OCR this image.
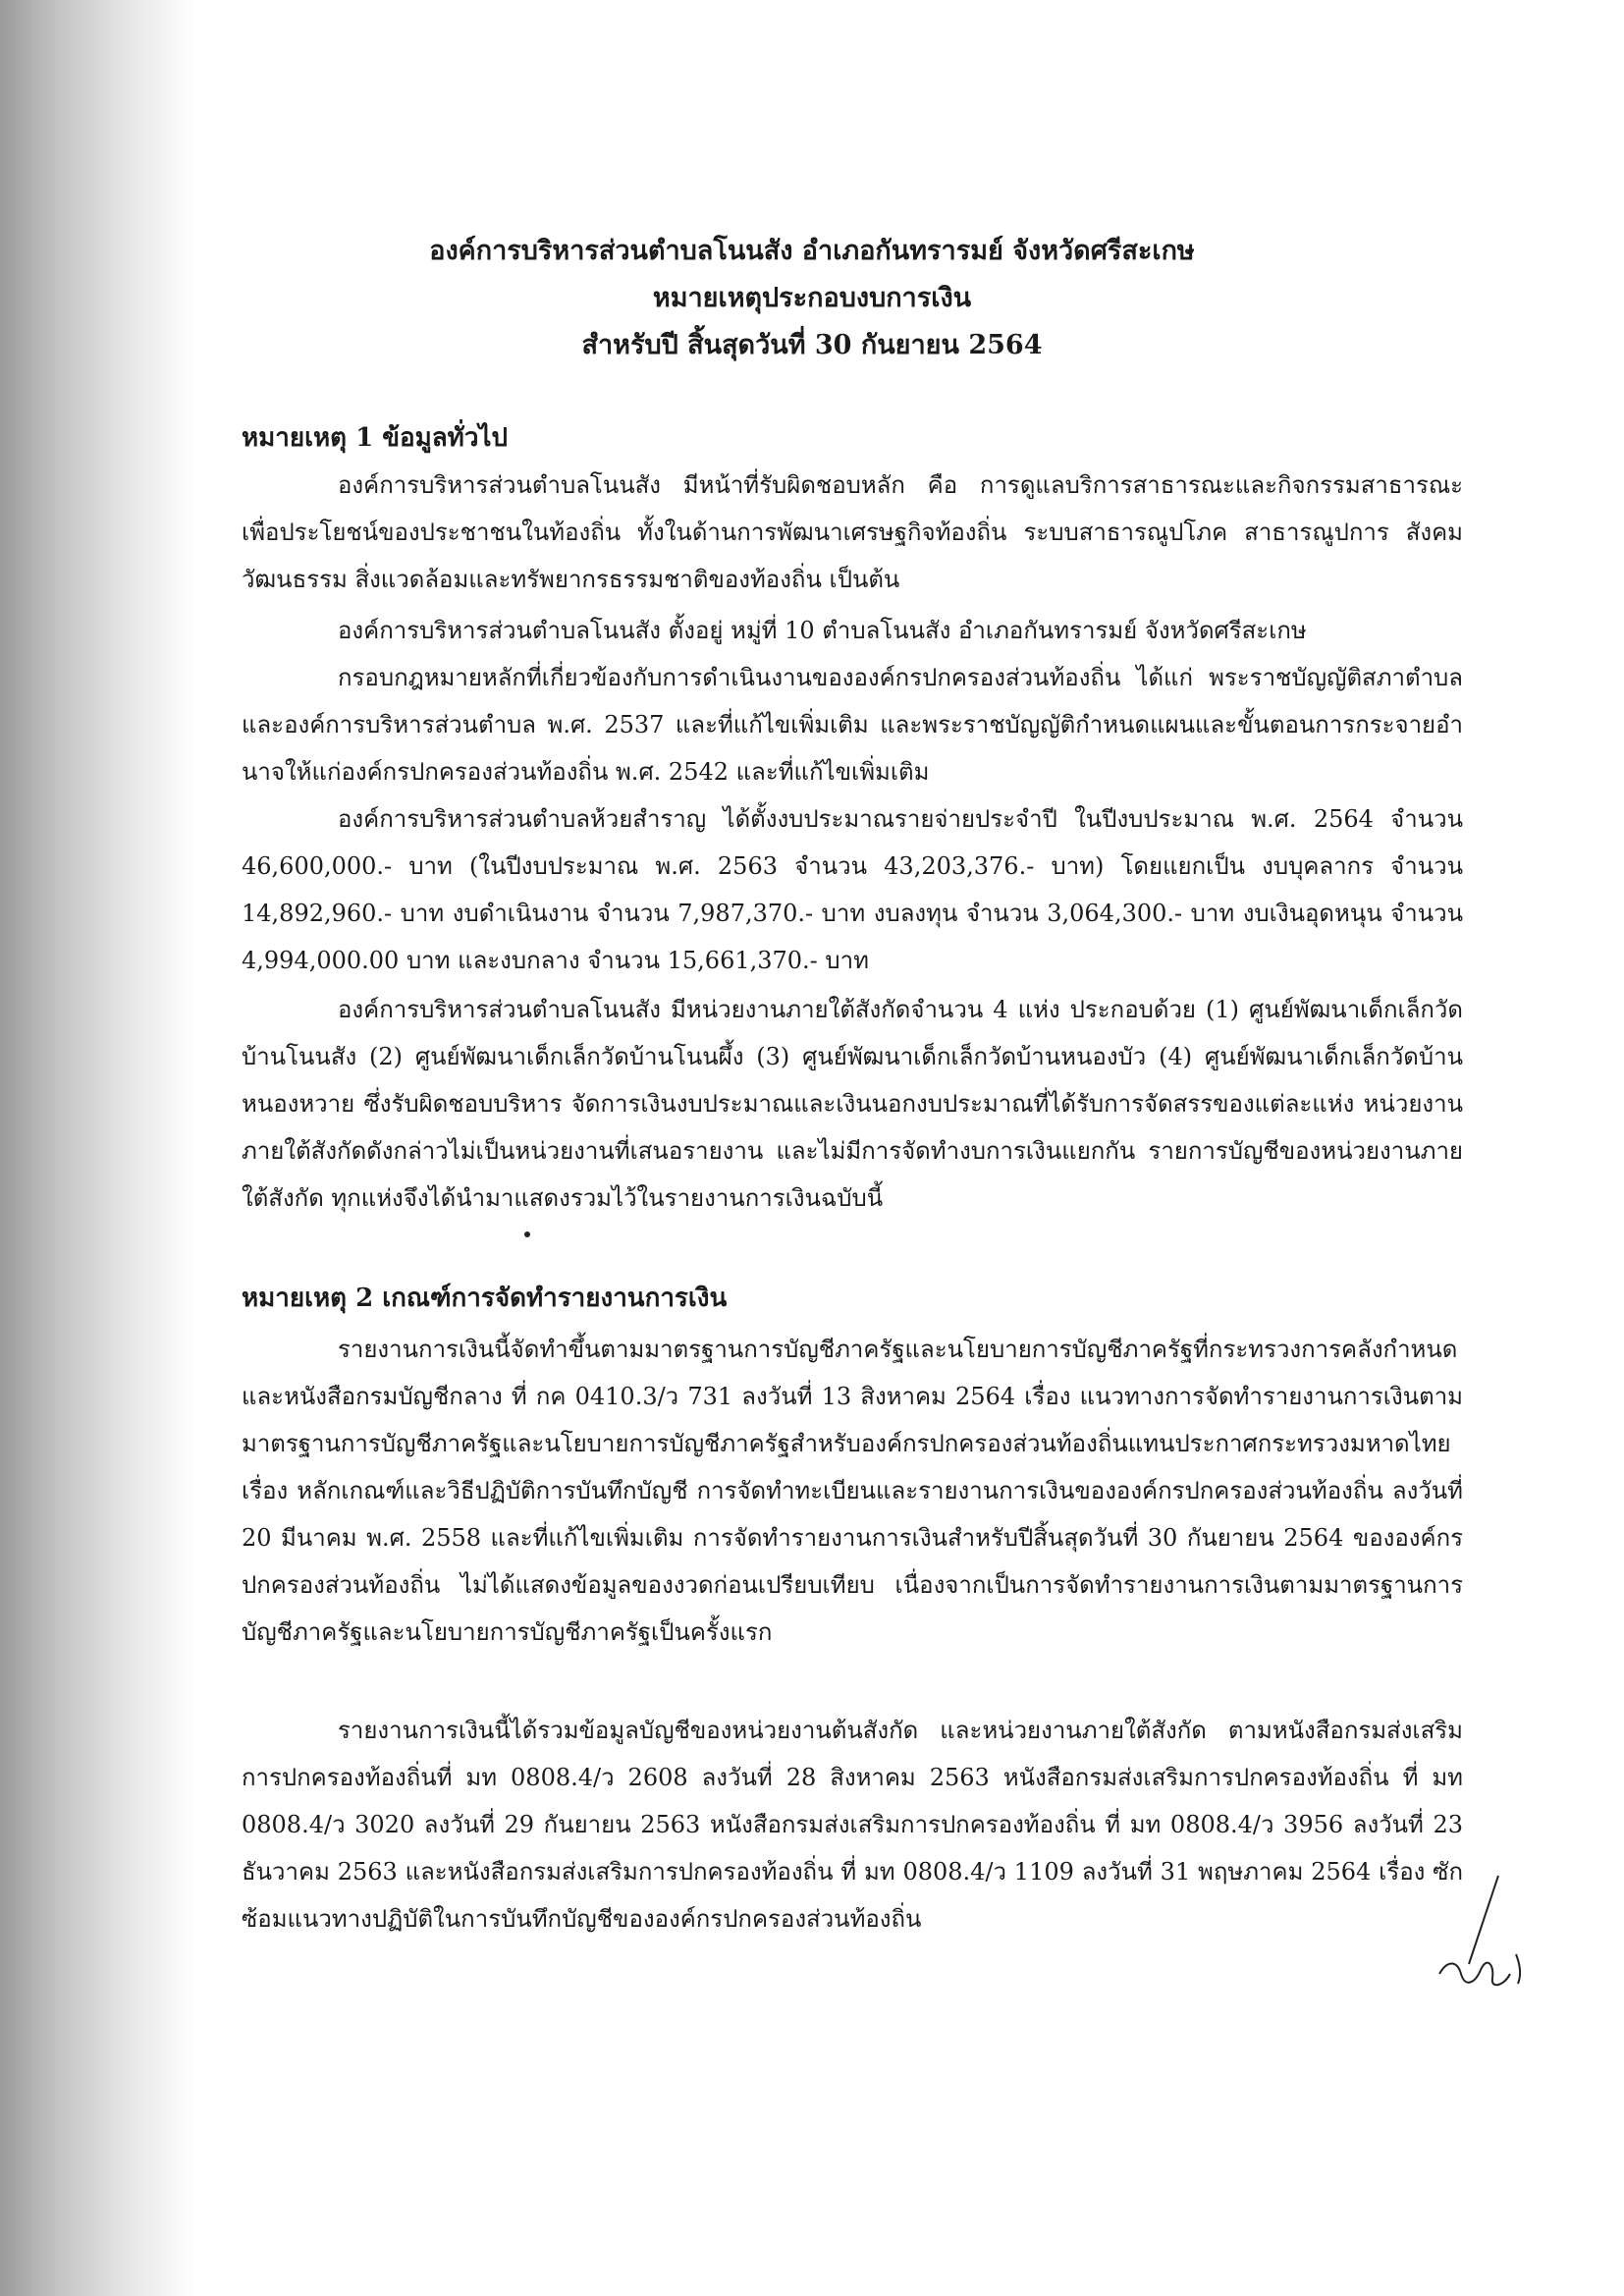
องค์การบริหารส่วนตำบลโนนสัง อำเภอกันทรารมย์ จังหวัดศรีสะเกษ
หมายเหตุประกอบงบการเงิน
สำหรับปี สิ้นสุดวันที่ 30 กันยายน 2564
หมายเหตุ 1 ข้อมูลทั่วไป

องค์การบริหารส่วนตำบลโนนสัง มีหน้าที่รับผิดชอบหลัก คือ การดูแลบริการสาธารณะและกิจกรรมสาธารณะ เพื่อประโยชน์ของประชาชนในท้องถิ่น ทั้งในด้านการพัฒนาเศรษฐกิจท้องถิ่น ระบบสาธารณูปโภค สาธารณูปการ สังคม วัฒนธรรม สิ่งแวดล้อมและทรัพยากรธรรมชาติของท้องถิ่น เป็นต้น

องค์การบริหารส่วนตำบลโนนสัง ตั้งอยู่ หมู่ที่ 10 ตำบลโนนสัง อำเภอกันทรารมย์ จังหวัดศรีสะเกษ

กรอบกฎหมายหลักที่เกี่ยวข้องกับการดำเนินงานขององค์กรปกครองส่วนท้องถิ่น ได้แก่ พระราชบัญญัติสภาตำบลและองค์การบริหารส่วนตำบล พ.ศ. 2537 และที่แก้ไขเพิ่มเติม และพระราชบัญญัติกำหนดแผนและขั้นตอนการกระจายอำนาจให้แก่องค์กรปกครองส่วนท้องถิ่น พ.ศ. 2542 และที่แก้ไขเพิ่มเติม

องค์การบริหารส่วนตำบลห้วยสำราญ ได้ตั้งงบประมาณรายจ่ายประจำปี ในปีงบประมาณ พ.ศ. 2564 จำนวน 46,600,000.- บาท (ในปีงบประมาณ พ.ศ. 2563 จำนวน 43,203,376.- บาท) โดยแยกเป็น งบบุคลากร จำนวน 14,892,960.- บาท งบดำเนินงาน จำนวน 7,987,370.- บาท งบลงทุน จำนวน 3,064,300.- บาท งบเงินอุดหนุน จำนวน 4,994,000.00 บาท และงบกลาง จำนวน 15,661,370.- บาท

องค์การบริหารส่วนตำบลโนนสัง มีหน่วยงานภายใต้สังกัดจำนวน 4 แห่ง ประกอบด้วย (1) ศูนย์พัฒนาเด็กเล็กวัดบ้านโนนสัง (2) ศูนย์พัฒนาเด็กเล็กวัดบ้านโนนผึ้ง (3) ศูนย์พัฒนาเด็กเล็กวัดบ้านหนองบัว (4) ศูนย์พัฒนาเด็กเล็กวัดบ้านหนองหวาย ซึ่งรับผิดชอบบริหาร จัดการเงินงบประมาณและเงินนอกงบประมาณที่ได้รับการจัดสรรของแต่ละแห่ง หน่วยงานภายใต้สังกัดดังกล่าวไม่เป็นหน่วยงานที่เสนอรายงาน และไม่มีการจัดทำงบการเงินแยกกัน รายการบัญชีของหน่วยงานภายใต้สังกัด ทุกแห่งจึงได้นำมาแสดงรวมไว้ในรายงานการเงินฉบับนี้

หมายเหตุ 2 เกณฑ์การจัดทำรายงานการเงิน

รายงานการเงินนี้จัดทำขึ้นตามมาตรฐานการบัญชีภาครัฐและนโยบายการบัญชีภาครัฐที่กระทรวงการคลังกำหนด และหนังสือกรมบัญชีกลาง ที่ กค 0410.3/ว 731 ลงวันที่ 13 สิงหาคม 2564 เรื่อง แนวทางการจัดทำรายงานการเงินตามมาตรฐานการบัญชีภาครัฐและนโยบายการบัญชีภาครัฐสำหรับองค์กรปกครองส่วนท้องถิ่นแทนประกาศกระทรวงมหาดไทย เรื่อง หลักเกณฑ์และวิธีปฏิบัติการบันทึกบัญชี การจัดทำทะเบียนและรายงานการเงินขององค์กรปกครองส่วนท้องถิ่น ลงวันที่ 20 มีนาคม พ.ศ. 2558 และที่แก้ไขเพิ่มเติม การจัดทำรายงานการเงินสำหรับปีสิ้นสุดวันที่ 30 กันยายน 2564 ขององค์กรปกครองส่วนท้องถิ่น ไม่ได้แสดงข้อมูลของงวดก่อนเปรียบเทียบ เนื่องจากเป็นการจัดทำรายงานการเงินตามมาตรฐานการบัญชีภาครัฐและนโยบายการบัญชีภาครัฐเป็นครั้งแรก

รายงานการเงินนี้ได้รวมข้อมูลบัญชีของหน่วยงานต้นสังกัด และหน่วยงานภายใต้สังกัด ตามหนังสือกรมส่งเสริมการปกครองท้องถิ่นที่ มท 0808.4/ว 2608 ลงวันที่ 28 สิงหาคม 2563 หนังสือกรมส่งเสริมการปกครองท้องถิ่น ที่ มท 0808.4/ว 3020 ลงวันที่ 29 กันยายน 2563 หนังสือกรมส่งเสริมการปกครองท้องถิ่น ที่ มท 0808.4/ว 3956 ลงวันที่ 23 ธันวาคม 2563 และหนังสือกรมส่งเสริมการปกครองท้องถิ่น ที่ มท 0808.4/ว 1109 ลงวันที่ 31 พฤษภาคม 2564 เรื่อง ซักซ้อมแนวทางปฏิบัติในการบันทึกบัญชีขององค์กรปกครองส่วนท้องถิ่น
